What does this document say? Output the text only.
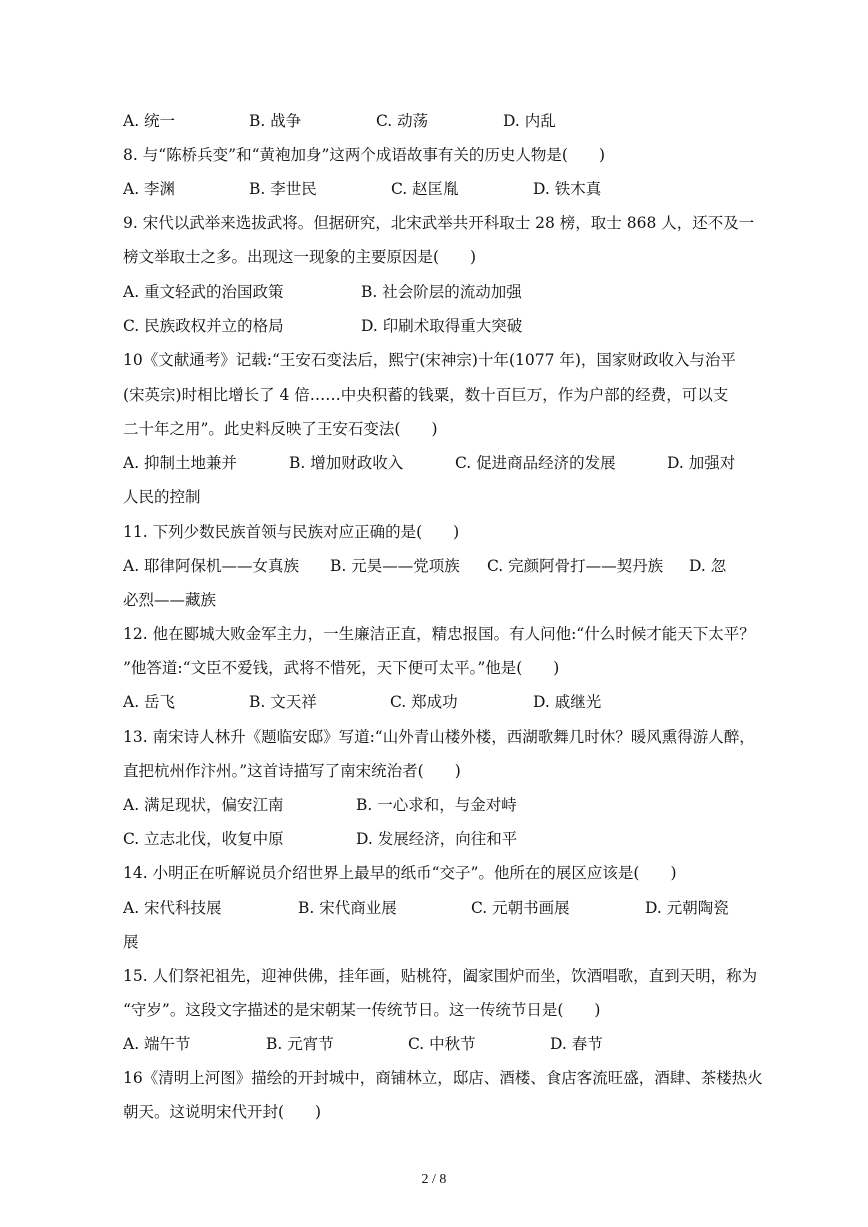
A. 统一	B. 战争	C. 动荡	D. 内乱
8. 与“陈桥兵变”和“黄袍加身”这两个成语故事有关的历史人物是(　　)
A. 李渊	B. 李世民	C. 赵匡胤	D. 铁木真
9. 宋代以武举来选拔武将。但据研究，北宋武举共开科取士 28 榜，取士 868 人，还不及一
榜文举取士之多。出现这一现象的主要原因是(　　)
A. 重文轻武的治国政策	B. 社会阶层的流动加强
C. 民族政权并立的格局	D. 印刷术取得重大突破
10《文献通考》记载:“王安石变法后，熙宁(宋神宗)十年(1077 年)，国家财政收入与治平
(宋英宗)时相比增长了 4 倍……中央积蓄的钱粟，数十百巨万，作为户部的经费，可以支
二十年之用”。此史料反映了王安石变法(　　)
A. 抑制土地兼并	B. 增加财政收入	C. 促进商品经济的发展	D. 加强对
人民的控制
11. 下列少数民族首领与民族对应正确的是(　　)
A. 耶律阿保机——女真族 B. 元昊——党项族 C. 完颜阿骨打——契丹族 D. 忽
必烈——藏族
12. 他在郾城大败金军主力，一生廉洁正直，精忠报国。有人问他:“什么时候才能天下太平？
”他答道:“文臣不爱钱，武将不惜死，天下便可太平。”他是(　　)
A. 岳飞	B. 文天祥	C. 郑成功	D. 戚继光
13. 南宋诗人林升《题临安邸》写道:“山外青山楼外楼，西湖歌舞几时休？暖风熏得游人醉，
直把杭州作汴州。”这首诗描写了南宋统治者(　　)
A. 满足现状，偏安江南	B. 一心求和，与金对峙
C. 立志北伐，收复中原	D. 发展经济，向往和平
14. 小明正在听解说员介绍世界上最早的纸币“交子”。他所在的展区应该是(　　)
A. 宋代科技展	B. 宋代商业展	C. 元朝书画展	D. 元朝陶瓷
展
15. 人们祭祀祖先，迎神供佛，挂年画，贴桃符，阖家围炉而坐，饮酒唱歌，直到天明，称为
“守岁”。这段文字描述的是宋朝某一传统节日。这一传统节日是(　　)
A. 端午节	B. 元宵节	C. 中秋节	D. 春节
16《清明上河图》描绘的开封城中，商铺林立，邸店、酒楼、食店客流旺盛，酒肆、茶楼热火
朝天。这说明宋代开封(　　)
2 / 8
